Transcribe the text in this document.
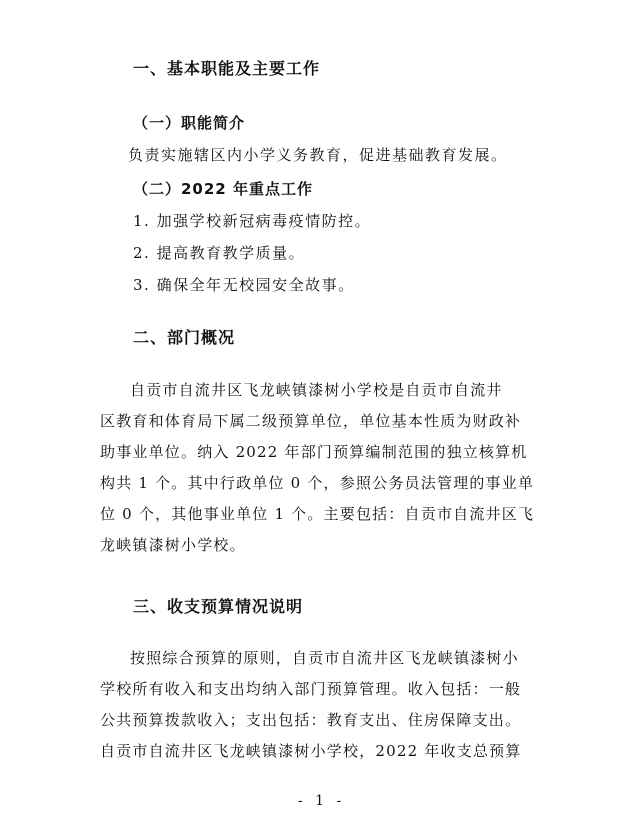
一、基本职能及主要工作
（一）职能简介
负责实施辖区内小学义务教育，促进基础教育发展。
（二）2022 年重点工作
1. 加强学校新冠病毒疫情防控。
2. 提高教育教学质量。
3. 确保全年无校园安全故事。
二、部门概况
自贡市自流井区飞龙峡镇漆树小学校是自贡市自流井
区教育和体育局下属二级预算单位，单位基本性质为财政补
助事业单位。纳入 2022 年部门预算编制范围的独立核算机
构共 1 个。其中行政单位 0 个，参照公务员法管理的事业单
位 0 个，其他事业单位 1 个。主要包括：自贡市自流井区飞
龙峡镇漆树小学校。
三、收支预算情况说明
按照综合预算的原则，自贡市自流井区飞龙峡镇漆树小
学校所有收入和支出均纳入部门预算管理。收入包括：一般
公共预算拨款收入；支出包括：教育支出、住房保障支出。
自贡市自流井区飞龙峡镇漆树小学校，2022 年收支总预算
- 1 -
